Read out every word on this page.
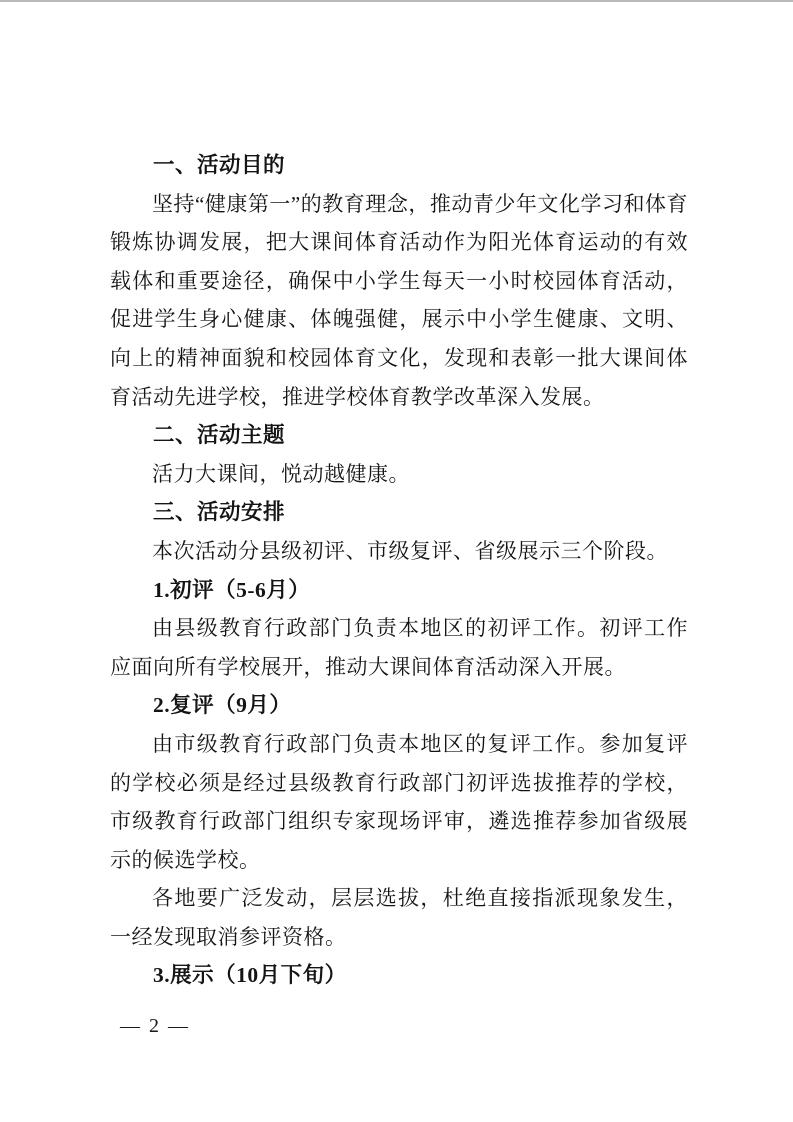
一、活动目的

坚持“健康第一”的教育理念，推动青少年文化学习和体育锻炼协调发展，把大课间体育活动作为阳光体育运动的有效载体和重要途径，确保中小学生每天一小时校园体育活动，促进学生身心健康、体魄强健，展示中小学生健康、文明、向上的精神面貌和校园体育文化，发现和表彰一批大课间体育活动先进学校，推进学校体育教学改革深入发展。

二、活动主题

活力大课间，悦动越健康。

三、活动安排

本次活动分县级初评、市级复评、省级展示三个阶段。

1.初评（5-6月）

由县级教育行政部门负责本地区的初评工作。初评工作应面向所有学校展开，推动大课间体育活动深入开展。

2.复评（9月）

由市级教育行政部门负责本地区的复评工作。参加复评的学校必须是经过县级教育行政部门初评选拔推荐的学校，市级教育行政部门组织专家现场评审，遴选推荐参加省级展示的候选学校。

各地要广泛发动，层层选拔，杜绝直接指派现象发生，一经发现取消参评资格。

3.展示（10月下旬）

— 2 —
